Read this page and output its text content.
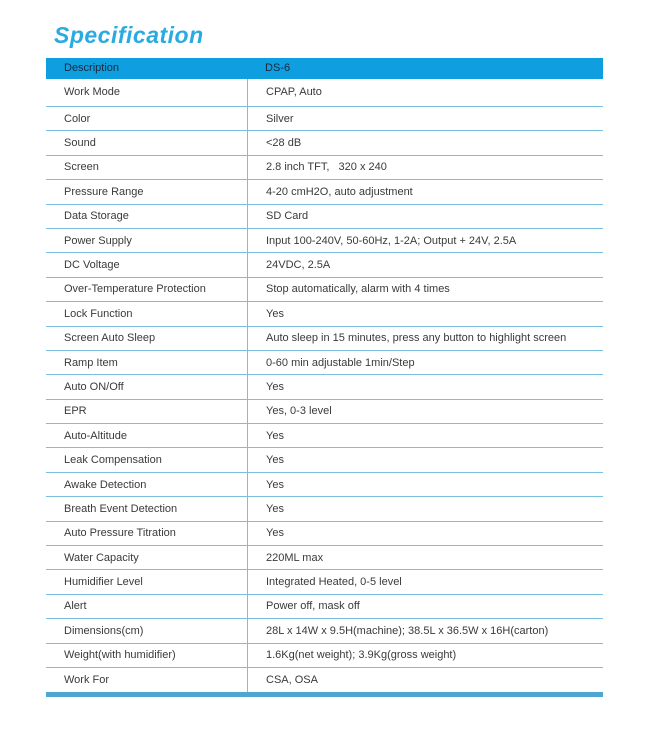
Specification
Description	DS-6
Work Mode	CPAP, Auto
Color	Silver
Sound	<28 dB
Screen	2.8 inch TFT,   320 x 240
Pressure Range	4-20 cmH2O, auto adjustment
Data Storage	SD Card
Power Supply	Input 100-240V, 50-60Hz, 1-2A; Output + 24V, 2.5A
DC Voltage	24VDC, 2.5A
Over-Temperature Protection	Stop automatically, alarm with 4 times
Lock Function	Yes
Screen Auto Sleep	Auto sleep in 15 minutes, press any button to highlight screen
Ramp Item	0-60 min adjustable 1min/Step
Auto ON/Off	Yes
EPR	Yes, 0-3 level
Auto-Altitude	Yes
Leak Compensation	Yes
Awake Detection	Yes
Breath Event Detection	Yes
Auto Pressure Titration	Yes
Water Capacity	220ML max
Humidifier Level	Integrated Heated, 0-5 level
Alert	Power off, mask off
Dimensions(cm)	28L x 14W x 9.5H(machine); 38.5L x 36.5W x 16H(carton)
Weight(with humidifier)	1.6Kg(net weight); 3.9Kg(gross weight)
Work For	CSA, OSA
